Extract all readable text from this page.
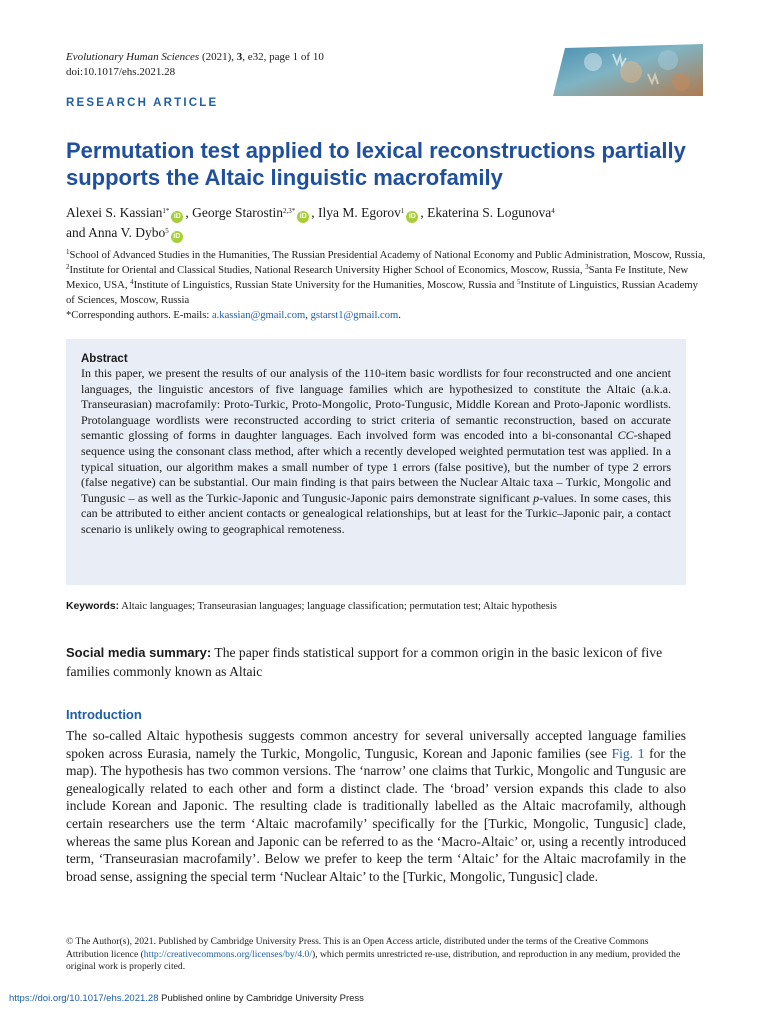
Evolutionary Human Sciences (2021), 3, e32, page 1 of 10
doi:10.1017/ehs.2021.28
RESEARCH ARTICLE
Permutation test applied to lexical reconstructions partially supports the Altaic linguistic macrofamily
Alexei S. Kassian$^{1*}$iD , George Starostin$^{2,3*}$iD , Ilya M. Egorov$^1$iD , Ekaterina S. Logunova$^4$
and Anna V. Dybo$^5$iD
$^1$School of Advanced Studies in the Humanities, The Russian Presidential Academy of National Economy and Public Administration, Moscow, Russia, $^2$Institute for Oriental and Classical Studies, National Research University Higher School of Economics, Moscow, Russia, $^3$Santa Fe Institute, New Mexico, USA, $^4$Institute of Linguistics, Russian State University for the Humanities, Moscow, Russia and $^5$Institute of Linguistics, Russian Academy of Sciences, Moscow, Russia
*Corresponding authors. E-mails: a.kassian@gmail.com, gstarst1@gmail.com.
Abstract
In this paper, we present the results of our analysis of the 110-item basic wordlists for four reconstructed and one ancient languages, the linguistic ancestors of five language families which are hypothesized to constitute the Altaic (a.k.a. Transeurasian) macrofamily: Proto-Turkic, Proto-Mongolic, Proto-Tungusic, Middle Korean and Proto-Japonic wordlists. Protolanguage wordlists were reconstructed according to strict criteria of semantic reconstruction, based on accurate semantic glossing of forms in daughter languages. Each involved form was encoded into a bi-consonantal CC-shaped sequence using the consonant class method, after which a recently developed weighted permutation test was applied. In a typical situation, our algorithm makes a small number of type 1 errors (false positive), but the number of type 2 errors (false negative) can be substantial. Our main finding is that pairs between the Nuclear Altaic taxa – Turkic, Mongolic and Tungusic – as well as the Turkic-Japonic and Tungusic-Japonic pairs demonstrate significant p-values. In some cases, this can be attributed to either ancient contacts or genealogical relationships, but at least for the Turkic–Japonic pair, a contact scenario is unlikely owing to geographical remoteness.
Keywords: Altaic languages; Transeurasian languages; language classification; permutation test; Altaic hypothesis
Social media summary: The paper finds statistical support for a common origin in the basic lexicon of five families commonly known as Altaic
Introduction

The so-called Altaic hypothesis suggests common ancestry for several universally accepted language families spoken across Eurasia, namely the Turkic, Mongolic, Tungusic, Korean and Japonic families (see Fig. 1 for the map). The hypothesis has two common versions. The ‘narrow’ one claims that Turkic, Mongolic and Tungusic are genealogically related to each other and form a distinct clade. The ‘broad’ version expands this clade to also include Korean and Japonic. The resulting clade is traditionally labelled as the Altaic macrofamily, although certain researchers use the term ‘Altaic macrofamily’ specifically for the [Turkic, Mongolic, Tungusic] clade, whereas the same plus Korean and Japonic can be referred to as the ‘Macro-Altaic’ or, using a recently introduced term, ‘Transeurasian macrofamily’. Below we prefer to keep the term ‘Altaic’ for the Altaic macrofamily in the broad sense, assigning the special term ‘Nuclear Altaic’ to the [Turkic, Mongolic, Tungusic] clade.

© The Author(s), 2021. Published by Cambridge University Press. This is an Open Access article, distributed under the terms of the Creative Commons Attribution licence (http://creativecommons.org/licenses/by/4.0/), which permits unrestricted re-use, distribution, and reproduction in any medium, provided the original work is properly cited.
https://doi.org/10.1017/ehs.2021.28 Published online by Cambridge University Press
